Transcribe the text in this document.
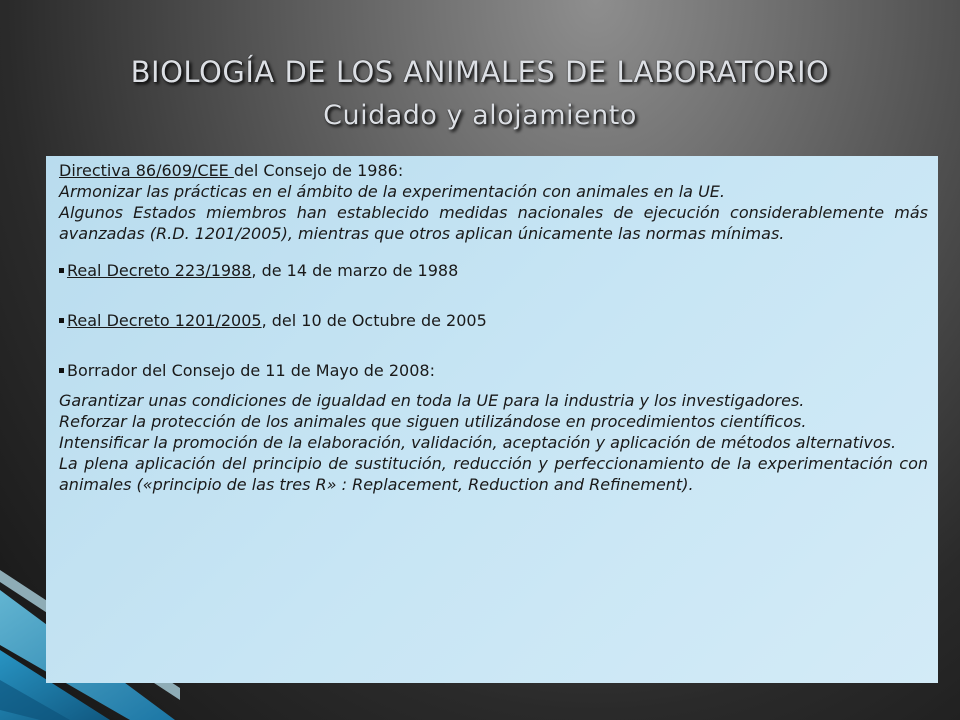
BIOLOGÍA DE LOS ANIMALES DE LABORATORIO
Cuidado y alojamiento

Directiva 86/609/CEE del Consejo de 1986:

Armonizar las prácticas en el ámbito de la experimentación con animales en la UE.

Algunos Estados miembros han establecido medidas nacionales de ejecución considerablemente más avanzadas (R.D. 1201/2005), mientras que otros aplican únicamente las normas mínimas.

Real Decreto 223/1988, de 14 de marzo de 1988

Real Decreto 1201/2005, del 10 de Octubre de 2005

Borrador del Consejo de 11 de Mayo de 2008:

Garantizar unas condiciones de igualdad en toda la UE para la industria y los investigadores.

Reforzar la protección de los animales que siguen utilizándose en procedimientos científicos.

Intensificar la promoción de la elaboración, validación, aceptación y aplicación de métodos alternativos.

La plena aplicación del principio de sustitución, reducción y perfeccionamiento de la experimentación con animales («principio de las tres R» : Replacement, Reduction and Refinement).
